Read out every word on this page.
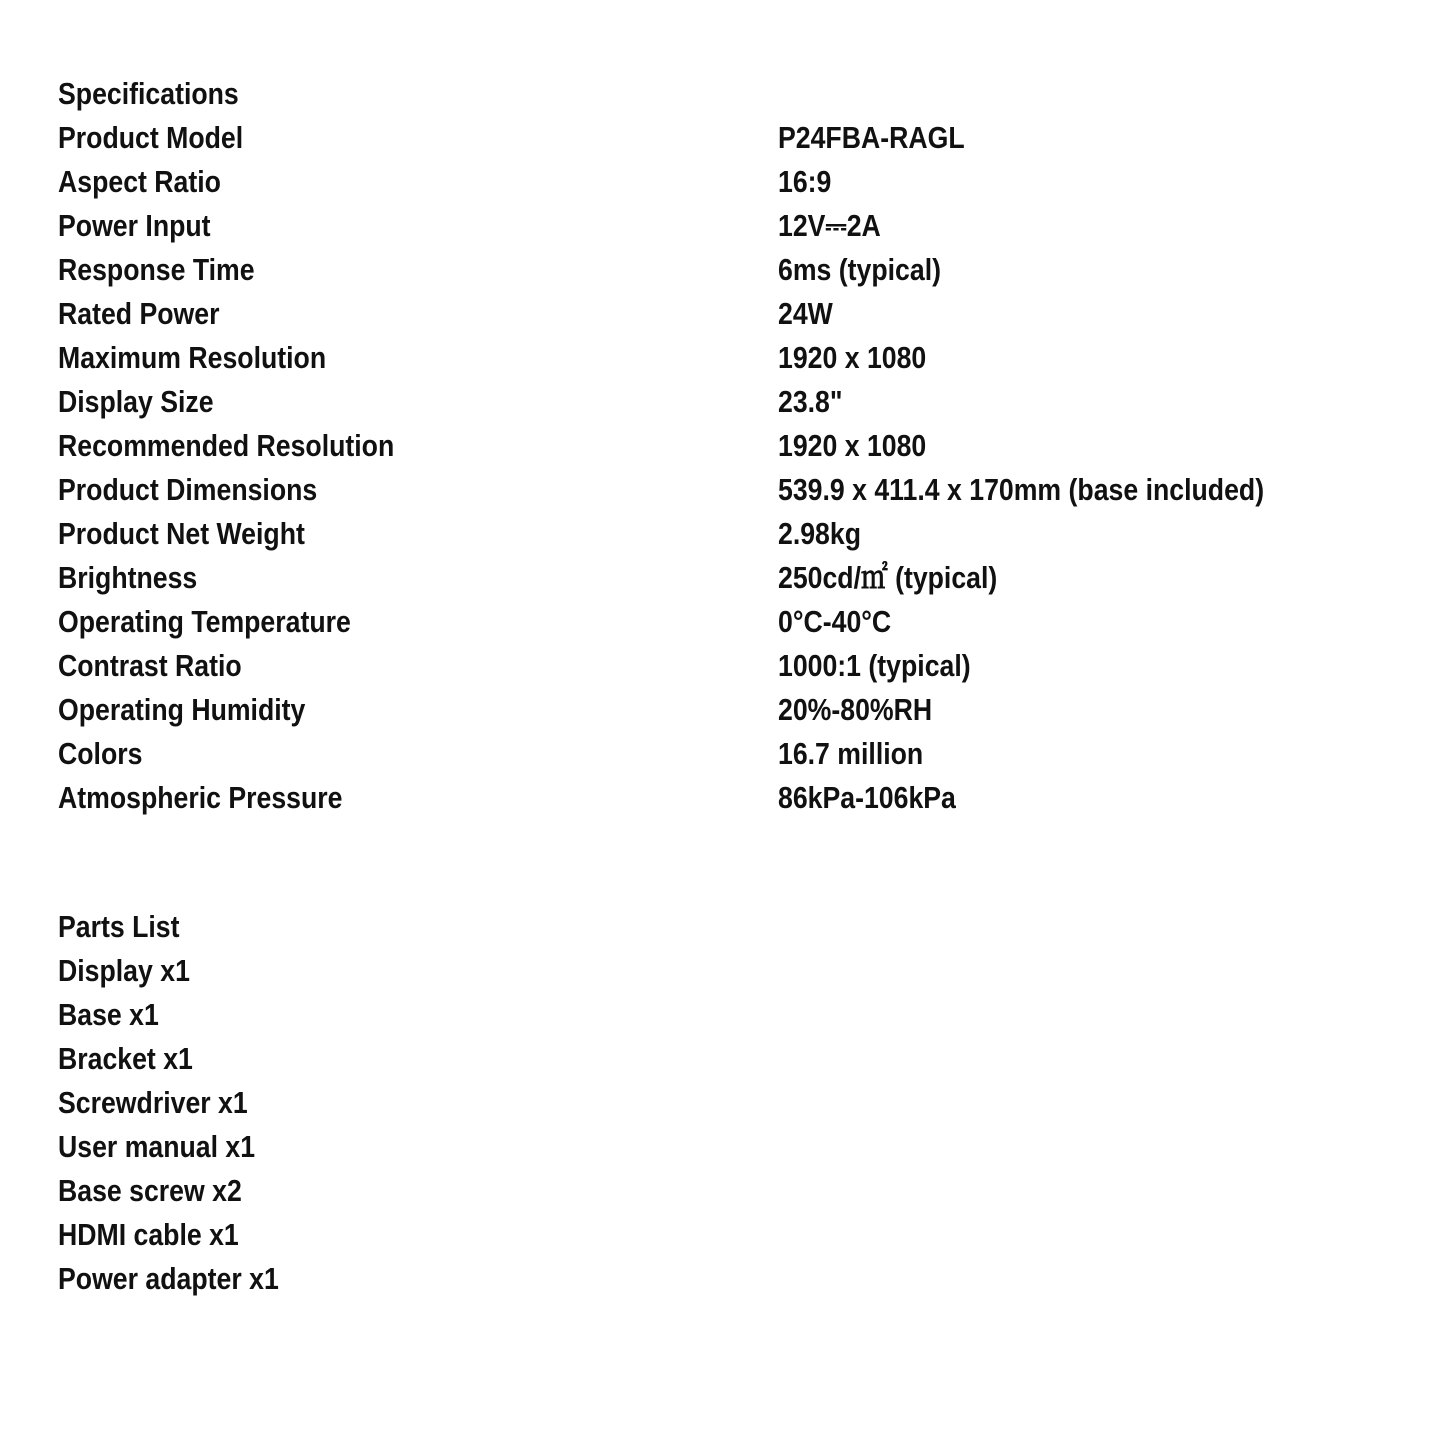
Specifications
Product Model	P24FBA-RAGL
Aspect Ratio	16:9
Power Input	12V⎓2A
Response Time	6ms (typical)
Rated Power	24W
Maximum Resolution	1920 x 1080
Display Size	23.8"
Recommended Resolution	1920 x 1080
Product Dimensions	539.9 x 411.4 x 170mm (base included)
Product Net Weight	2.98kg
Brightness	250cd/㎡ (typical)
Operating Temperature	0°C-40°C
Contrast Ratio	1000:1 (typical)
Operating Humidity	20%-80%RH
Colors	16.7 million
Atmospheric Pressure	86kPa-106kPa
Parts List
Display x1
Base x1
Bracket x1
Screwdriver x1
User manual x1
Base screw x2
HDMI cable x1
Power adapter x1
